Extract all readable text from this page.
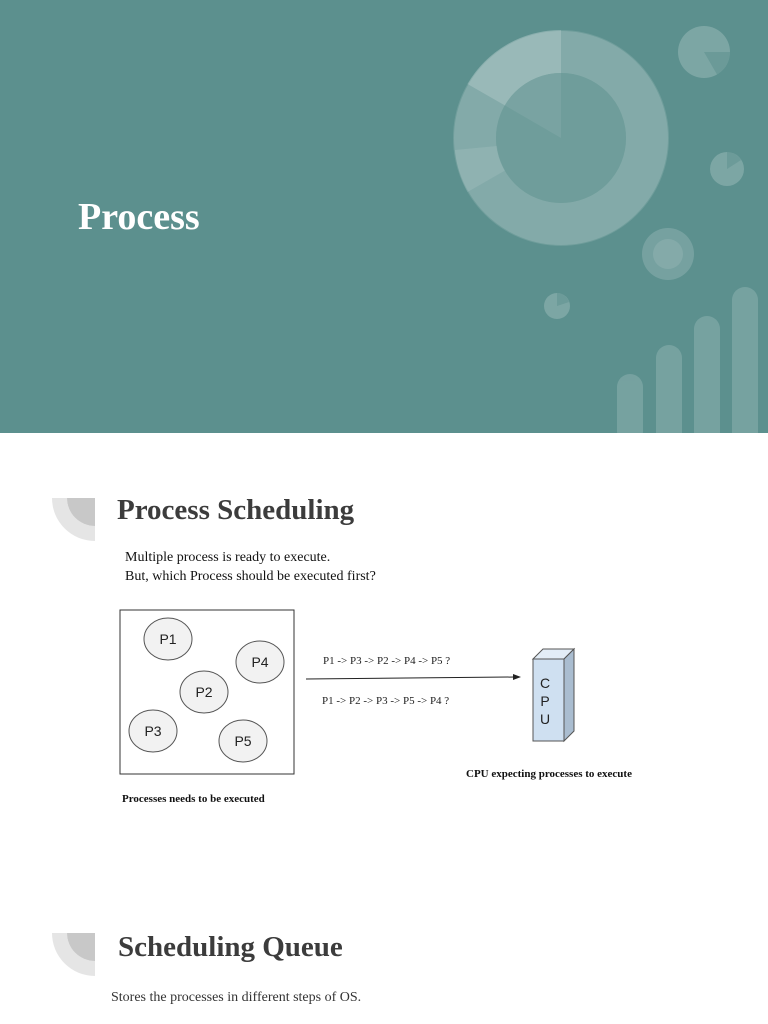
Process
Process Scheduling

Multiple process is ready to execute.
But, which Process should be executed first?

P1
P4
P2
P3
P5
P1 -> P3 -> P2 -> P4 -> P5 ?
P1 -> P2 -> P3 -> P5 -> P4 ?
C
P
U

Processes needs to be executed

CPU expecting processes to execute

Scheduling Queue

Stores the processes in different steps of OS.
